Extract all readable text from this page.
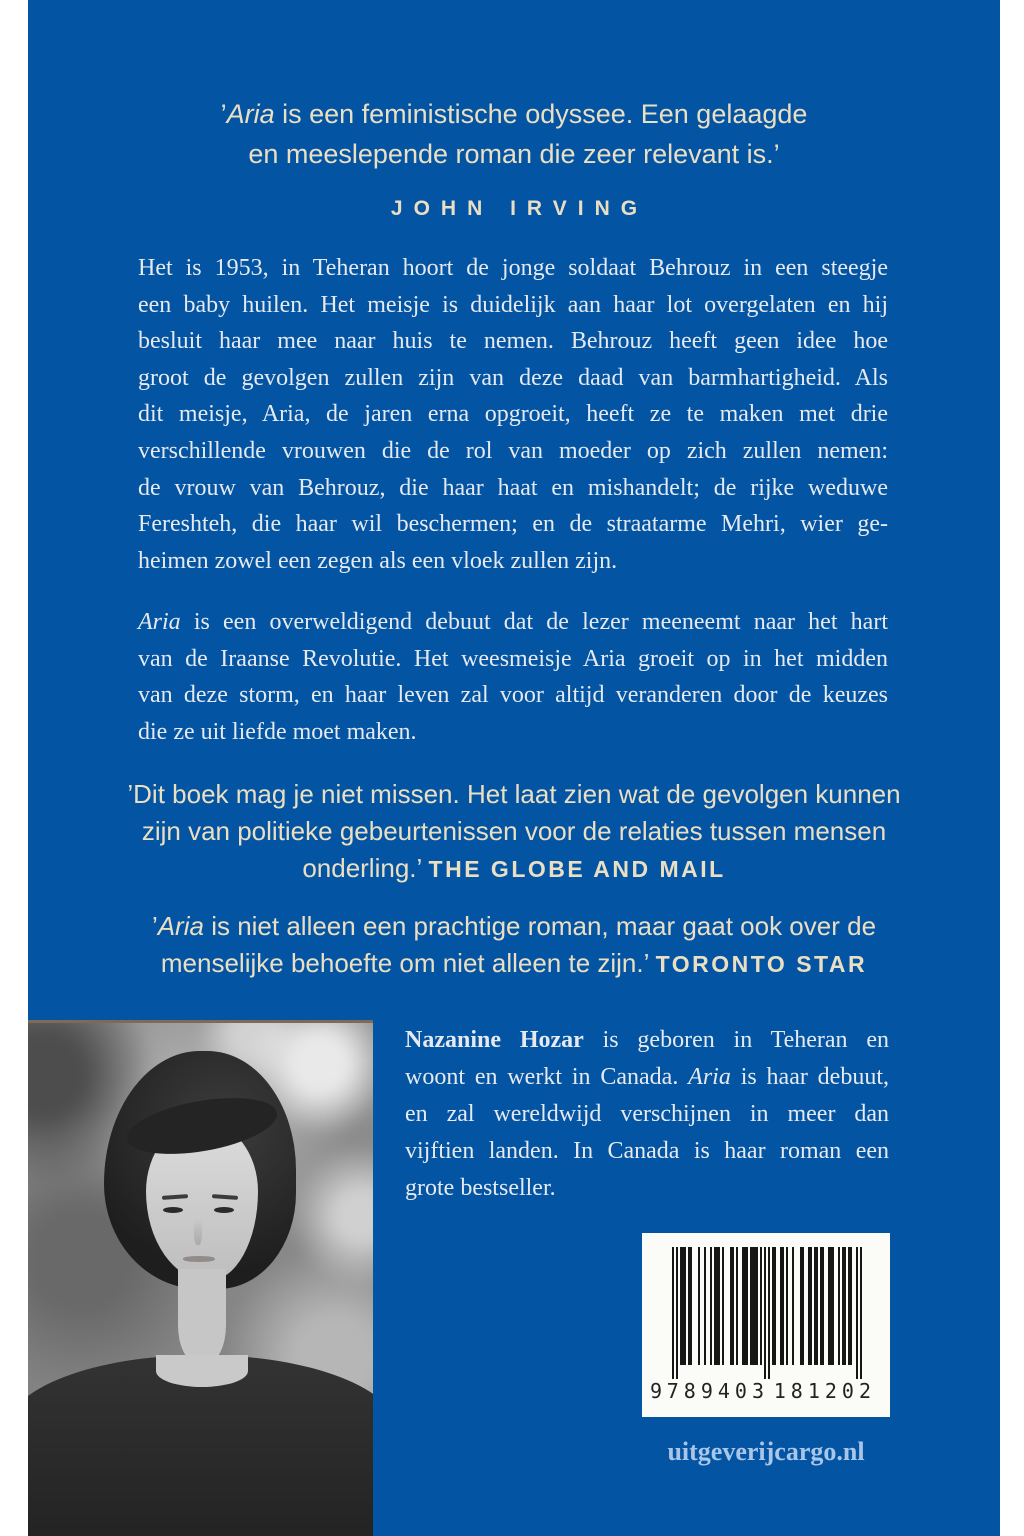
’Aria is een feministische odyssee. Een gelaagde
en meeslepende roman die zeer relevant is.’
JOHN IRVING
Het is 1953, in Teheran hoort de jonge soldaat Behrouz in een steegje
een baby huilen. Het meisje is duidelijk aan haar lot overgelaten en hij
besluit haar mee naar huis te nemen. Behrouz heeft geen idee hoe
groot de gevolgen zullen zijn van deze daad van barmhartigheid. Als
dit meisje, Aria, de jaren erna opgroeit, heeft ze te maken met drie
verschillende vrouwen die de rol van moeder op zich zullen nemen:
de vrouw van Behrouz, die haar haat en mishandelt; de rijke weduwe
Fereshteh, die haar wil beschermen; en de straatarme Mehri, wier ge-
heimen zowel een zegen als een vloek zullen zijn.
Aria is een overweldigend debuut dat de lezer meeneemt naar het hart
van de Iraanse Revolutie. Het weesmeisje Aria groeit op in het midden
van deze storm, en haar leven zal voor altijd veranderen door de keuzes
die ze uit liefde moet maken.
’Dit boek mag je niet missen. Het laat zien wat de gevolgen kunnen
zijn van politieke gebeurtenissen voor de relaties tussen mensen
onderling.’ THE GLOBE AND MAIL
’Aria is niet alleen een prachtige roman, maar gaat ook over de
menselijke behoefte om niet alleen te zijn.’ TORONTO STAR
Nazanine Hozar is geboren in Teheran en
woont en werkt in Canada. Aria is haar debuut,
en zal wereldwijd verschijnen in meer dan
vijftien landen. In Canada is haar roman een
grote bestseller.
9 789403 181202
uitgeverijcargo.nl
